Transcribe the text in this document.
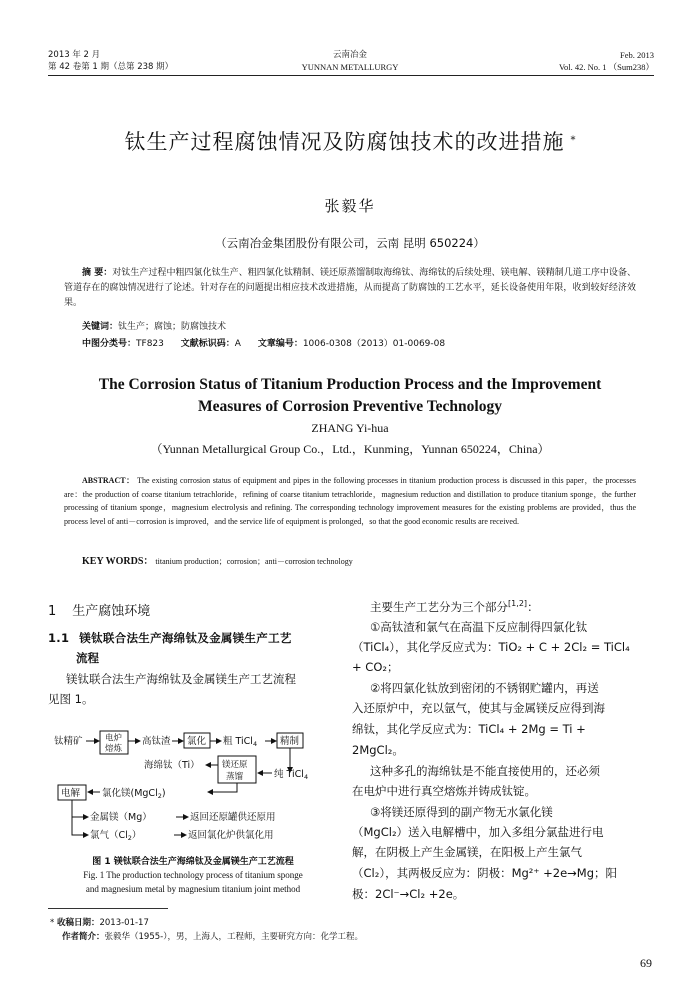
2013 年 2 月
第 42 卷第 1 期（总第 238 期）
云南冶金
YUNNAN METALLURGY
Feb. 2013
Vol. 42. No. 1 （Sum238）
钛生产过程腐蚀情况及防腐蚀技术的改进措施 *
张毅华
（云南冶金集团股份有限公司，云南 昆明 650224）
摘 要：对钛生产过程中粗四氯化钛生产、粗四氯化钛精制、镁还原蒸馏制取海绵钛、海绵钛的后续处理、镁电解、镁精制几道工序中设备、管道存在的腐蚀情况进行了论述。针对存在的问题提出相应技术改进措施，从而提高了防腐蚀的工艺水平，延长设备使用年限，收到较好经济效果。
关键词：钛生产；腐蚀；防腐蚀技术
中图分类号：TF823 文献标识码：A 文章编号：1006-0308（2013）01-0069-08
The Corrosion Status of Titanium Production Process and the Improvement
Measures of Corrosion Preventive Technology
ZHANG Yi-hua
（Yunnan Metallurgical Group Co.，Ltd.，Kunming，Yunnan 650224，China）
ABSTRACT： The existing corrosion status of equipment and pipes in the following processes in titanium production process is discussed in this paper，the processes are：the production of coarse titanium tetrachloride，refining of coarse titanium tetrachloride，magnesium reduction and distillation to produce titanium sponge，the further processing of titanium sponge，magnesium electrolysis and refining. The corresponding technology improvement measures for the existing problems are provided，thus the process level of anti－corrosion is improved，and the service life of equipment is prolonged，so that the good economic results are received.
KEY WORDS： titanium production；corrosion；anti－corrosion technology
1 生产腐蚀环境
1.1 镁钛联合法生产海绵钛及金属镁生产工艺
流程
镁钛联合法生产海绵钛及金属镁生产工艺流程
见图 1。
钛精矿	电炉
熔炼
高钛渣 氯化 粗 TiCl$_4$ 精制
海绵钛（Ti）	镁还原
蒸馏	纯 TiCl$_4$
电解 氯化镁(MgCl$_2$)
金属镁（Mg）	返回还原罐供还原用
氯气$(Cl_2)$	返回氯化炉供氯化用
图 1 镁钛联合法生产海绵钛及金属镁生产工艺流程
Fig. 1 The production technology process of titanium sponge
and magnesium metal by magnesium titanium joint method
主要生产工艺分为三个部分[1,2]：
①高钛渣和氯气在高温下反应制得四氯化钛
（TiCl₄），其化学反应式为：TiO₂ + C + 2Cl₂ = TiCl₄
+ CO₂；
②将四氯化钛放到密闭的不锈钢贮罐内，再送
入还原炉中，充以氩气，使其与金属镁反应得到海
绵钛，其化学反应式为：TiCl₄ + 2Mg = Ti +
2MgCl₂。
这种多孔的海绵钛是不能直接使用的，还必须
在电炉中进行真空熔炼并铸成钛锭。
③将镁还原得到的副产物无水氯化镁
（MgCl₂）送入电解槽中，加入多组分氯盐进行电
解，在阴极上产生金属镁，在阳极上产生氯气
（Cl₂），其两极反应为：阴极：Mg²⁺ +2e→Mg；阳
极：2Cl⁻→Cl₂ +2e。
* 收稿日期：2013-01-17
作者简介：张毅华（1955-），男，上海人，工程师，主要研究方向：化学工程。
69
